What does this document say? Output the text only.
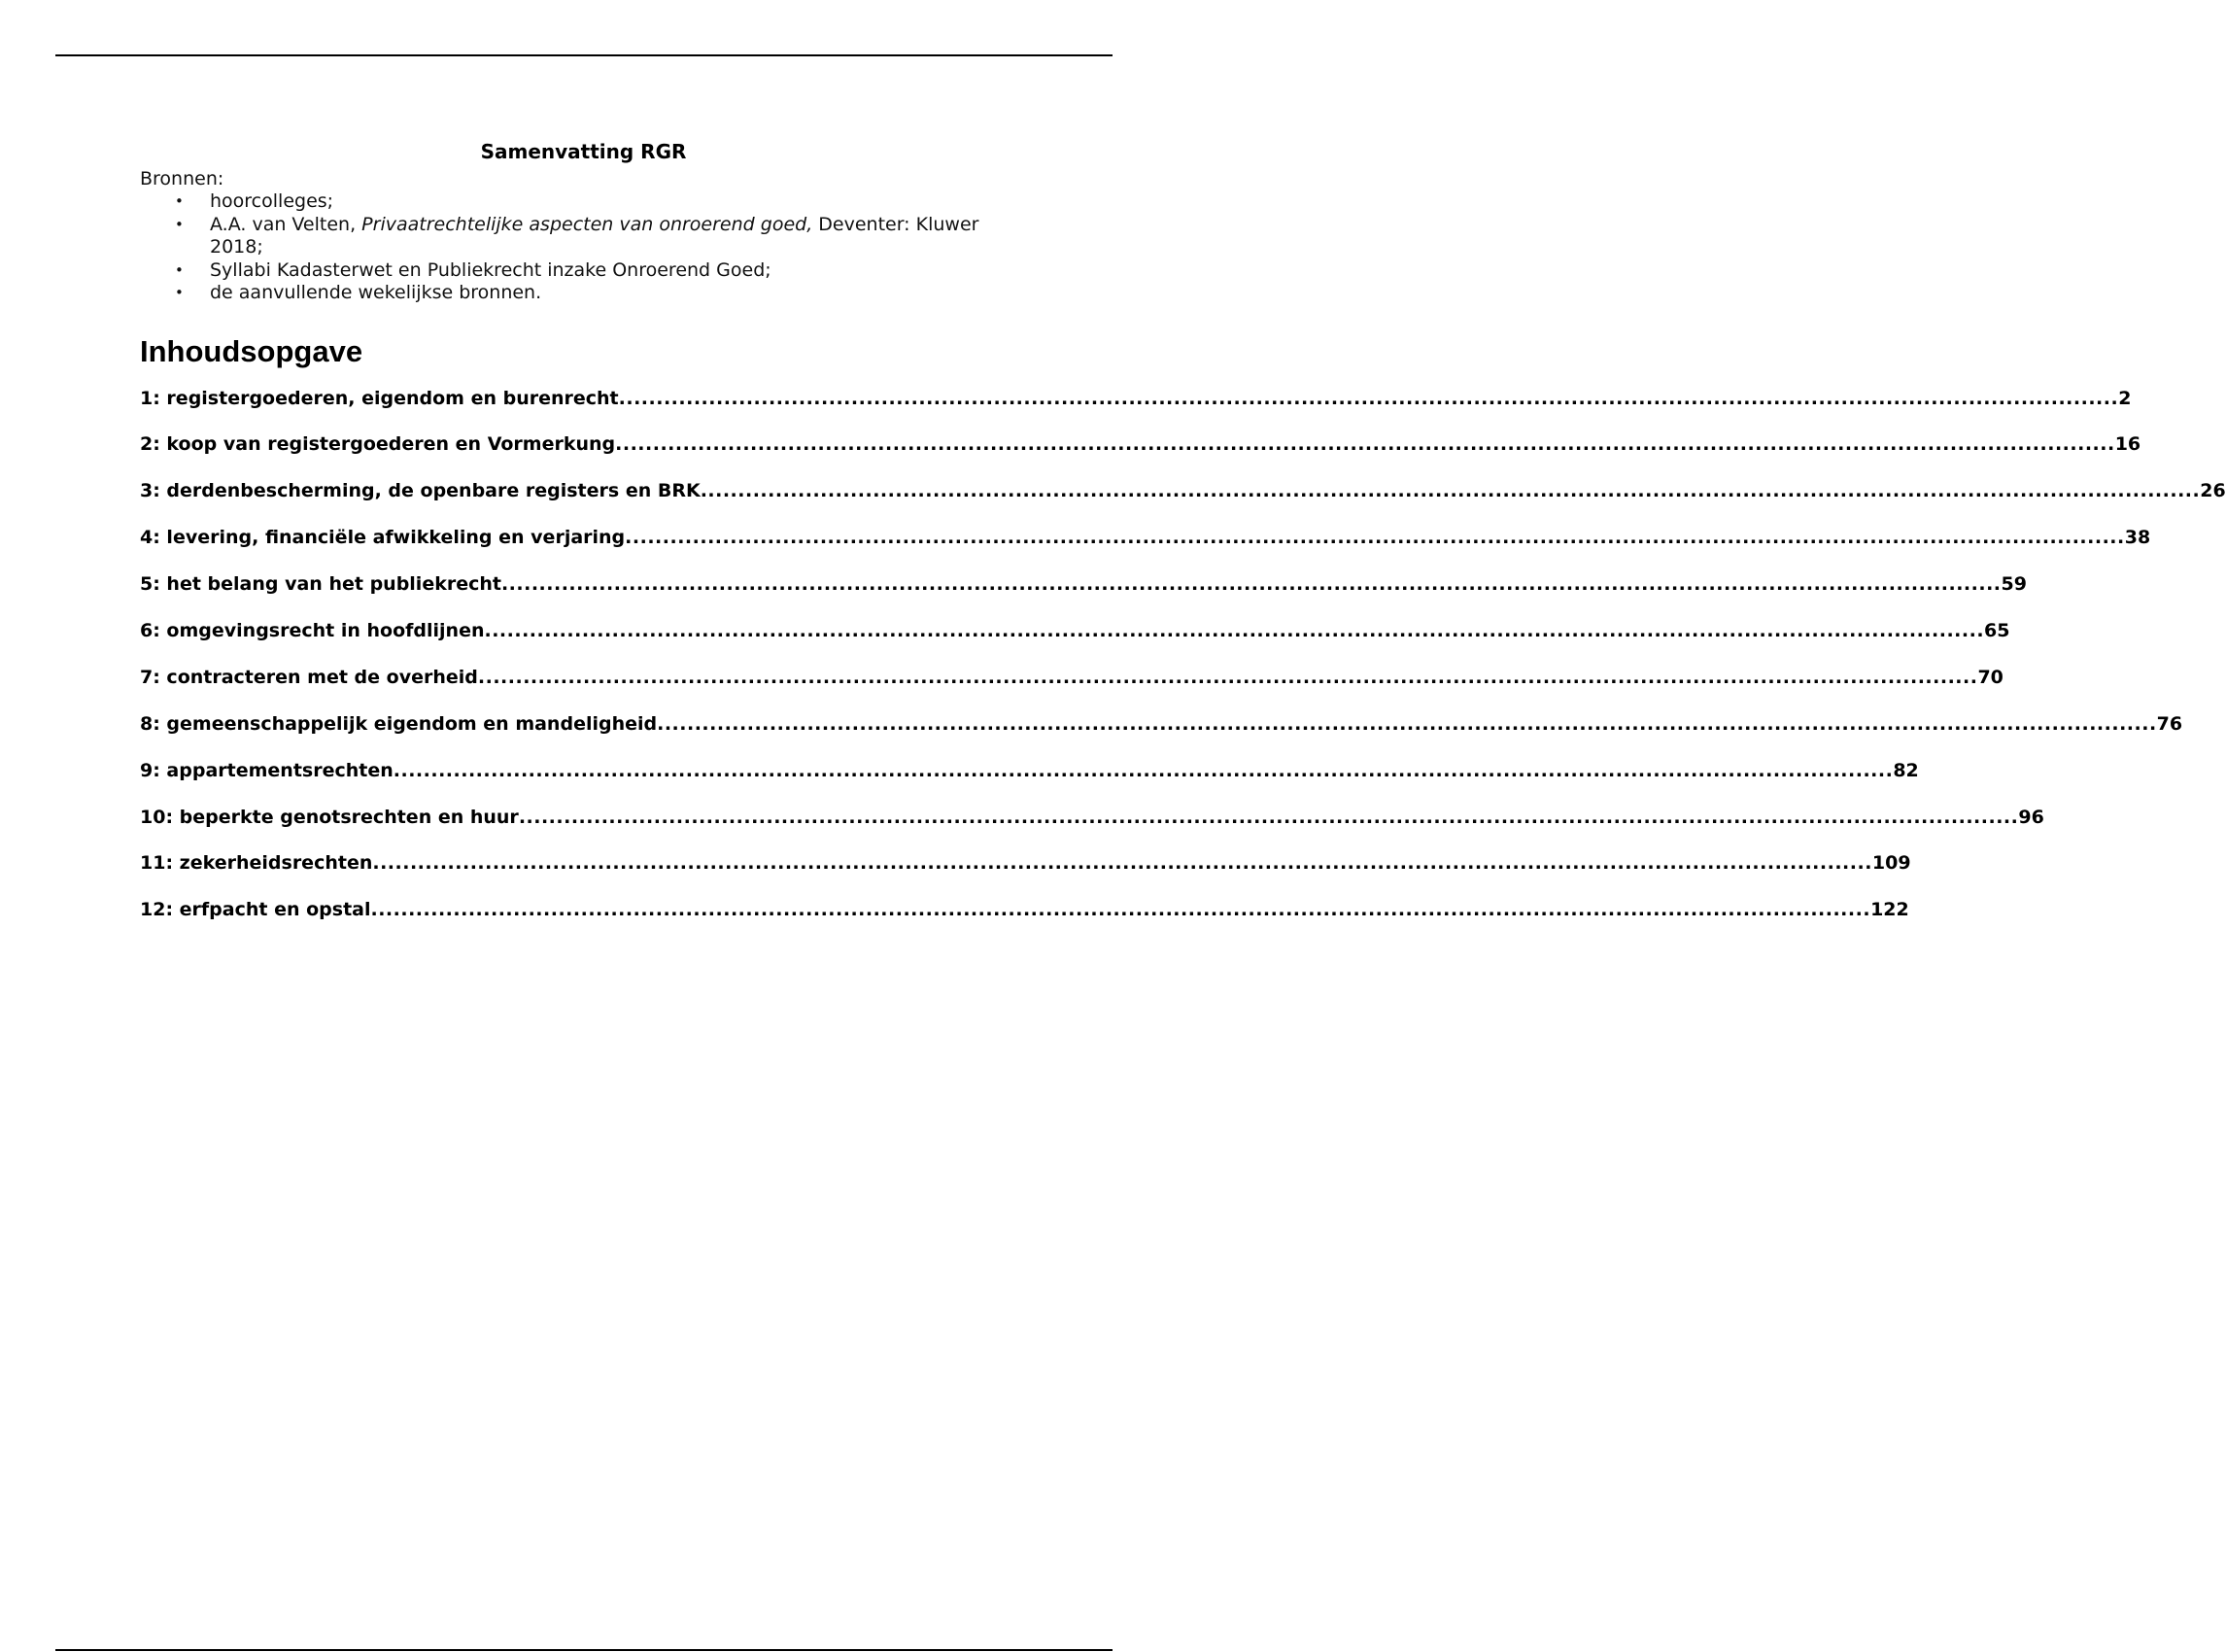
Samenvatting RGR
Bronnen:
• hoorcolleges;
• A.A. van Velten, Privaatrechtelijke aspecten van onroerend goed, Deventer: Kluwer 2018;
• Syllabi Kadasterwet en Publiekrecht inzake Onroerend Goed;
• de aanvullende wekelijkse bronnen.
Inhoudsopgave
1: registergoederen, eigendom en burenrecht ........................................................................................................................................................................................................ 2
2: koop van registergoederen en Vormerkung ........................................................................................................................................................................................................ 16
3: derdenbescherming, de openbare registers en BRK ........................................................................................................................................................................................................ 26
4: levering, financiële afwikkeling en verjaring ........................................................................................................................................................................................................ 38
5: het belang van het publiekrecht ........................................................................................................................................................................................................ 59
6: omgevingsrecht in hoofdlijnen ........................................................................................................................................................................................................ 65
7: contracteren met de overheid ........................................................................................................................................................................................................ 70
8: gemeenschappelijk eigendom en mandeligheid ........................................................................................................................................................................................................ 76
9: appartementsrechten ........................................................................................................................................................................................................ 82
10: beperkte genotsrechten en huur ........................................................................................................................................................................................................ 96
11: zekerheidsrechten ........................................................................................................................................................................................................ 109
12: erfpacht en opstal ........................................................................................................................................................................................................ 122
